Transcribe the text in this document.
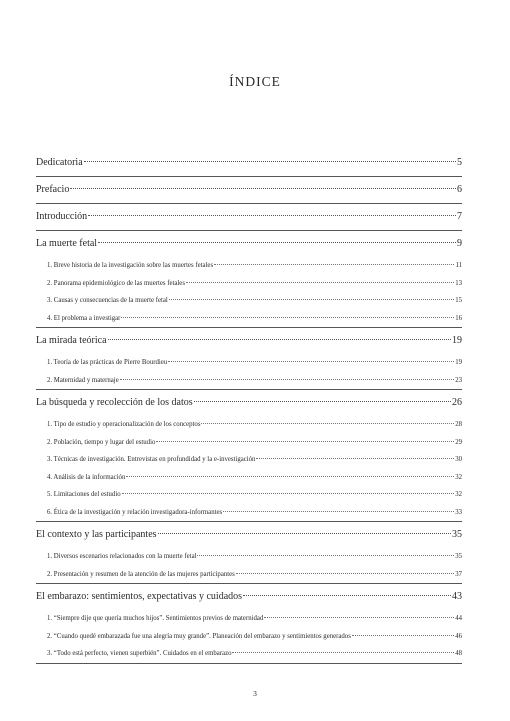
ÍNDICE
Dedicatoria	5
Prefacio	6
Introducción	7
La muerte fetal	9
1. Breve historia de la investigación sobre las muertes fetales	11
2. Panorama epidemiológico de las muertes fetales	13
3. Causas y consecuencias de la muerte fetal	15
4. El problema a investigar	16
La mirada teórica	19
1. Teoría de las prácticas de Pierre Bourdieu	19
2. Maternidad y maternaje	23
La búsqueda y recolección de los datos	26
1. Tipo de estudio y operacionalización de los conceptos	28
2. Población, tiempo y lugar del estudio	29
3. Técnicas de investigación. Entrevistas en profundidad y la e-investigación	30
4. Análisis de la información	32
5. Limitaciones del estudio	32
6. Ética de la investigación y relación investigadora-informantes	33
El contexto y las participantes	35
1. Diversos escenarios relacionados con la muerte fetal	35
2. Presentación y resumen de la atención de las mujeres participantes	37
El embarazo: sentimientos, expectativas y cuidados	43
1. “Siempre dije que quería muchos hijos”. Sentimientos previos de maternidad	44
2. “Cuando quedé embarazada fue una alegría muy grande”. Planeación del embarazo y sentimientos generados	46
3. “Todo está perfecto, vienen superbién”. Cuidados en el embarazo	48
3
